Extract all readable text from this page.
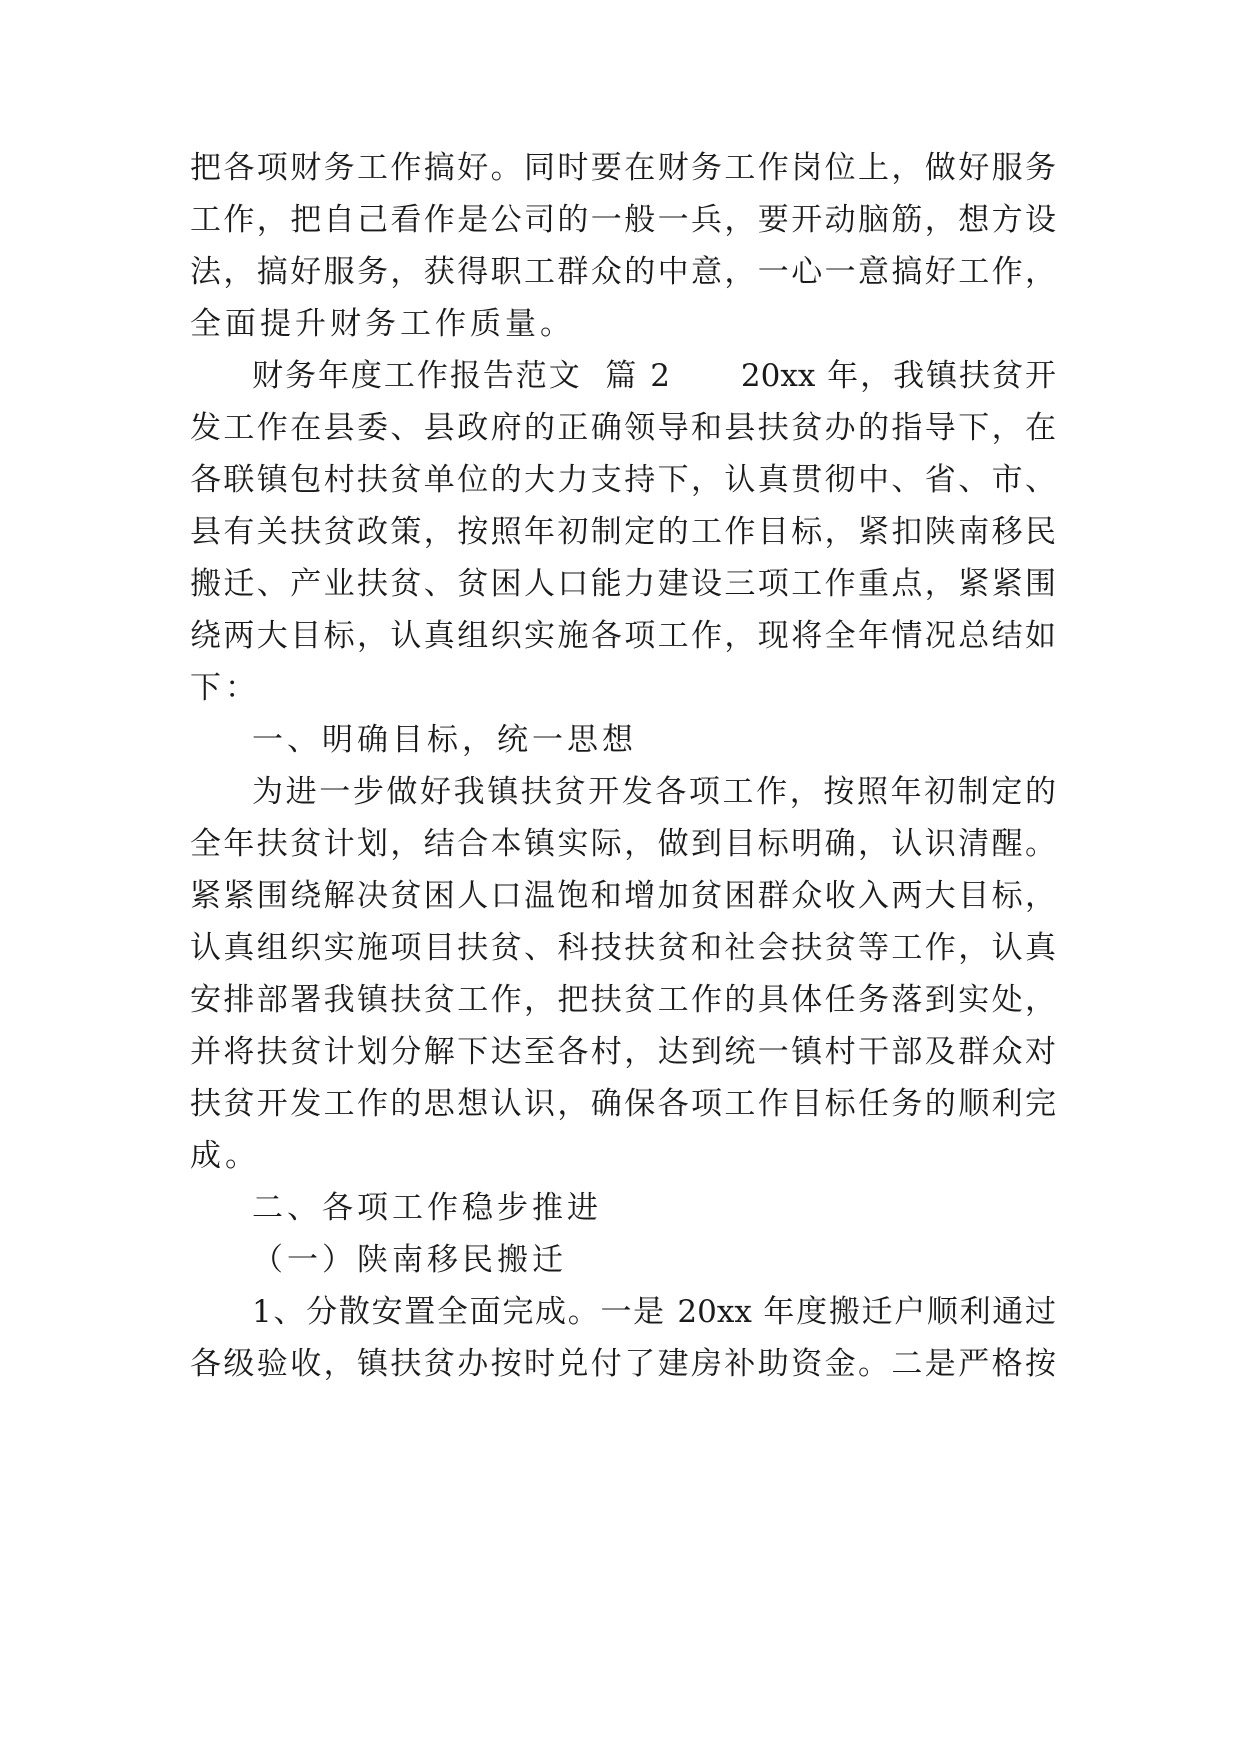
把各项财务工作搞好。同时要在财务工作岗位上，做好服务
工作，把自己看作是公司的一般一兵，要开动脑筋，想方设
法，搞好服务，获得职工群众的中意，一心一意搞好工作，
全面提升财务工作质量。
财务年度工作报告范文  篇 2      20xx 年，我镇扶贫开
发工作在县委、县政府的正确领导和县扶贫办的指导下，在
各联镇包村扶贫单位的大力支持下，认真贯彻中、省、市、
县有关扶贫政策，按照年初制定的工作目标，紧扣陕南移民
搬迁、产业扶贫、贫困人口能力建设三项工作重点，紧紧围
绕两大目标，认真组织实施各项工作，现将全年情况总结如
下：
一、明确目标，统一思想
为进一步做好我镇扶贫开发各项工作，按照年初制定的
全年扶贫计划，结合本镇实际，做到目标明确，认识清醒。
紧紧围绕解决贫困人口温饱和增加贫困群众收入两大目标，
认真组织实施项目扶贫、科技扶贫和社会扶贫等工作，认真
安排部署我镇扶贫工作，把扶贫工作的具体任务落到实处，
并将扶贫计划分解下达至各村，达到统一镇村干部及群众对
扶贫开发工作的思想认识，确保各项工作目标任务的顺利完
成。
二、各项工作稳步推进
（一）陕南移民搬迁
1、分散安置全面完成。一是 20xx 年度搬迁户顺利通过
各级验收，镇扶贫办按时兑付了建房补助资金。二是严格按
